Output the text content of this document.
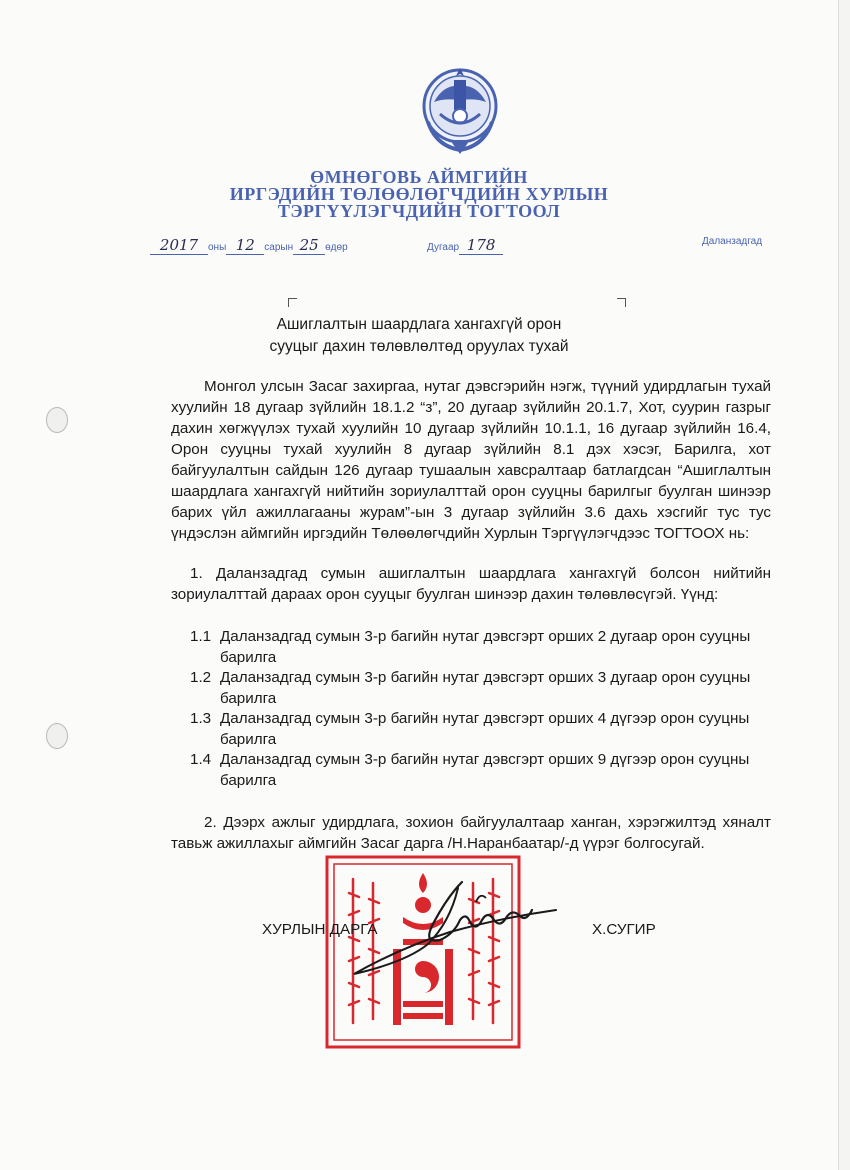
ӨМНӨГОВЬ АЙМГИЙН
ИРГЭДИЙН ТӨЛӨӨЛӨГЧДИЙН ХУРЛЫН
ТЭРГҮҮЛЭГЧДИЙН ТОГТООЛ
2017 оны 12 сарын 25 өдөр	Дугаар 178	Даланзадгад
Ашиглалтын шаардлага хангахгүй орон
сууцыг дахин төлөвлөлтөд оруулах тухай
Монгол улсын Засаг захиргаа, нутаг дэвсгэрийн нэгж, түүний удирдлагын тухай
хуулийн 18 дугаар зүйлийн 18.1.2 “з”, 20 дугаар зүйлийн 20.1.7, Хот, суурин газрыг
дахин хөгжүүлэх тухай хуулийн 10 дугаар зүйлийн 10.1.1, 16 дугаар зүйлийн 16.4,
Орон сууцны тухай хуулийн 8 дугаар зүйлийн 8.1 дэх хэсэг, Барилга, хот
байгуулалтын сайдын 126 дугаар тушаалын хавсралтаар батлагдсан “Ашиглалтын
шаардлага хангахгүй нийтийн зориулалттай орон сууцны барилгыг буулган шинээр
барих үйл ажиллагааны журам”-ын 3 дугаар зүйлийн 3.6 дахь хэсгийг тус тус
үндэслэн аймгийн иргэдийн Төлөөлөгчдийн Хурлын Тэргүүлэгчдээс ТОГТООХ нь:
1. Даланзадгад сумын ашиглалтын шаардлага хангахгүй болсон нийтийн
зориулалттай дараах орон сууцыг буулган шинээр дахин төлөвлөсүгэй. Үүнд:
1.1 Даланзадгад сумын 3-р багийн нутаг дэвсгэрт орших 2 дугаар орон сууцны
барилга
1.2 Даланзадгад сумын 3-р багийн нутаг дэвсгэрт орших 3 дугаар орон сууцны
барилга
1.3 Даланзадгад сумын 3-р багийн нутаг дэвсгэрт орших 4 дүгээр орон сууцны
барилга
1.4 Даланзадгад сумын 3-р багийн нутаг дэвсгэрт орших 9 дүгээр орон сууцны
барилга
2. Дээрх ажлыг удирдлага, зохион байгуулалтаар ханган, хэрэгжилтэд хяналт
тавьж ажиллахыг аймгийн Засаг дарга /Н.Наранбаатар/-д үүрэг болгосугай.
ХУРЛЫН ДАРГА	Х.СУГИР
